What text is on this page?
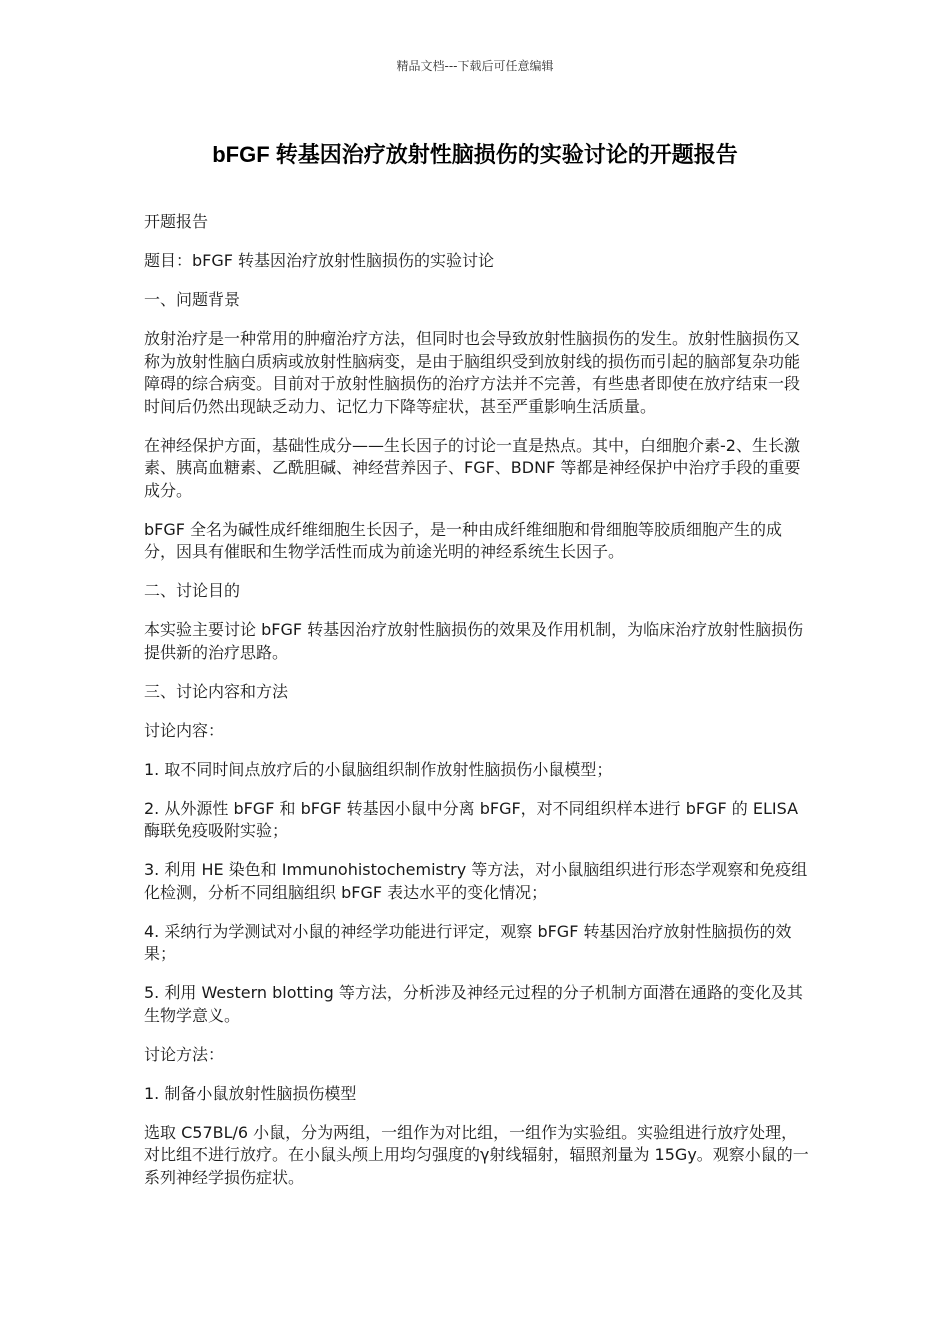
精品文档---下载后可任意编辑
bFGF 转基因治疗放射性脑损伤的实验讨论的开题报告

开题报告

题目：bFGF 转基因治疗放射性脑损伤的实验讨论

一、问题背景

放射治疗是一种常用的肿瘤治疗方法，但同时也会导致放射性脑损伤的发生。放射性脑损伤又称为放射性脑白质病或放射性脑病变，是由于脑组织受到放射线的损伤而引起的脑部复杂功能障碍的综合病变。目前对于放射性脑损伤的治疗方法并不完善，有些患者即使在放疗结束一段时间后仍然出现缺乏动力、记忆力下降等症状，甚至严重影响生活质量。

在神经保护方面，基础性成分——生长因子的讨论一直是热点。其中，白细胞介素-2、生长激素、胰高血糖素、乙酰胆碱、神经营养因子、FGF、BDNF 等都是神经保护中治疗手段的重要成分。

bFGF 全名为碱性成纤维细胞生长因子，是一种由成纤维细胞和骨细胞等胶质细胞产生的成分，因具有催眠和生物学活性而成为前途光明的神经系统生长因子。

二、讨论目的

本实验主要讨论 bFGF 转基因治疗放射性脑损伤的效果及作用机制，为临床治疗放射性脑损伤提供新的治疗思路。

三、讨论内容和方法

讨论内容：

1. 取不同时间点放疗后的小鼠脑组织制作放射性脑损伤小鼠模型；

2. 从外源性 bFGF 和 bFGF 转基因小鼠中分离 bFGF，对不同组织样本进行 bFGF 的 ELISA 酶联免疫吸附实验；

3. 利用 HE 染色和 Immunohistochemistry 等方法，对小鼠脑组织进行形态学观察和免疫组化检测，分析不同组脑组织 bFGF 表达水平的变化情况；

4. 采纳行为学测试对小鼠的神经学功能进行评定，观察 bFGF 转基因治疗放射性脑损伤的效果；

5. 利用 Western blotting 等方法，分析涉及神经元过程的分子机制方面潜在通路的变化及其生物学意义。

讨论方法：

1. 制备小鼠放射性脑损伤模型

选取 C57BL/6 小鼠，分为两组，一组作为对比组，一组作为实验组。实验组进行放疗处理，对比组不进行放疗。在小鼠头颅上用均匀强度的γ射线辐射，辐照剂量为 15Gy。观察小鼠的一系列神经学损伤症状。
